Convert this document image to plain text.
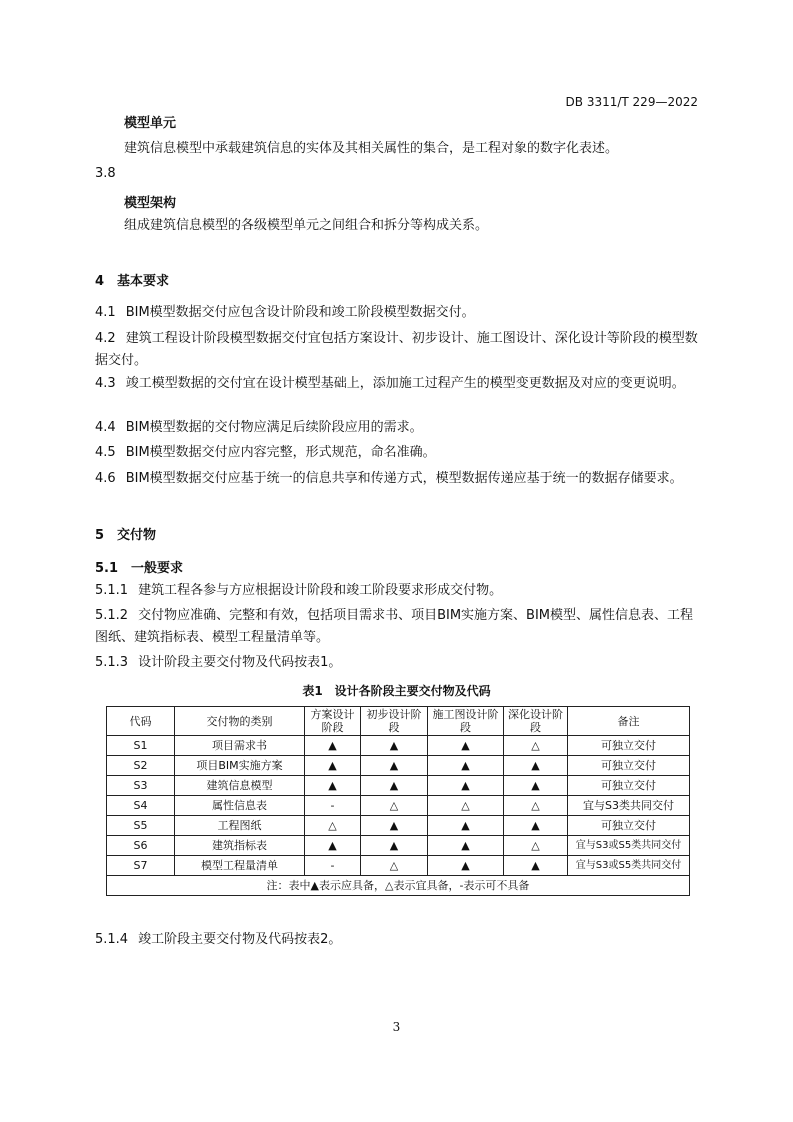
DB 3311/T 229—2022
模型单元
建筑信息模型中承载建筑信息的实体及其相关属性的集合，是工程对象的数字化表述。
3.8
模型架构
组成建筑信息模型的各级模型单元之间组合和拆分等构成关系。
4　基本要求
4.1 BIM模型数据交付应包含设计阶段和竣工阶段模型数据交付。
4.2 建筑工程设计阶段模型数据交付宜包括方案设计、初步设计、施工图设计、深化设计等阶段的模型数据交付。
4.3 竣工模型数据的交付宜在设计模型基础上，添加施工过程产生的模型变更数据及对应的变更说明。
4.4 BIM模型数据的交付物应满足后续阶段应用的需求。
4.5 BIM模型数据交付应内容完整，形式规范，命名准确。
4.6 BIM模型数据交付应基于统一的信息共享和传递方式，模型数据传递应基于统一的数据存储要求。
5　交付物
5.1　一般要求
5.1.1 建筑工程各参与方应根据设计阶段和竣工阶段要求形成交付物。
5.1.2 交付物应准确、完整和有效，包括项目需求书、项目BIM实施方案、BIM模型、属性信息表、工程图纸、建筑指标表、模型工程量清单等。
5.1.3 设计阶段主要交付物及代码按表1。
表1　设计各阶段主要交付物及代码
代码	交付物的类别	方案设计阶段	初步设计阶段	施工图设计阶段	深化设计阶段	备注
S1	项目需求书	▲	▲	▲	△	可独立交付
S2	项目BIM实施方案	▲	▲	▲	▲	可独立交付
S3	建筑信息模型	▲	▲	▲	▲	可独立交付
S4	属性信息表	-	△	△	△	宜与S3类共同交付
S5	工程图纸	△	▲	▲	▲	可独立交付
S6	建筑指标表	▲	▲	▲	△	宜与S3或S5类共同交付
S7	模型工程量清单	-	△	▲	▲	宜与S3或S5类共同交付
注：表中▲表示应具备，△表示宜具备，-表示可不具备						
5.1.4 竣工阶段主要交付物及代码按表2。
3
